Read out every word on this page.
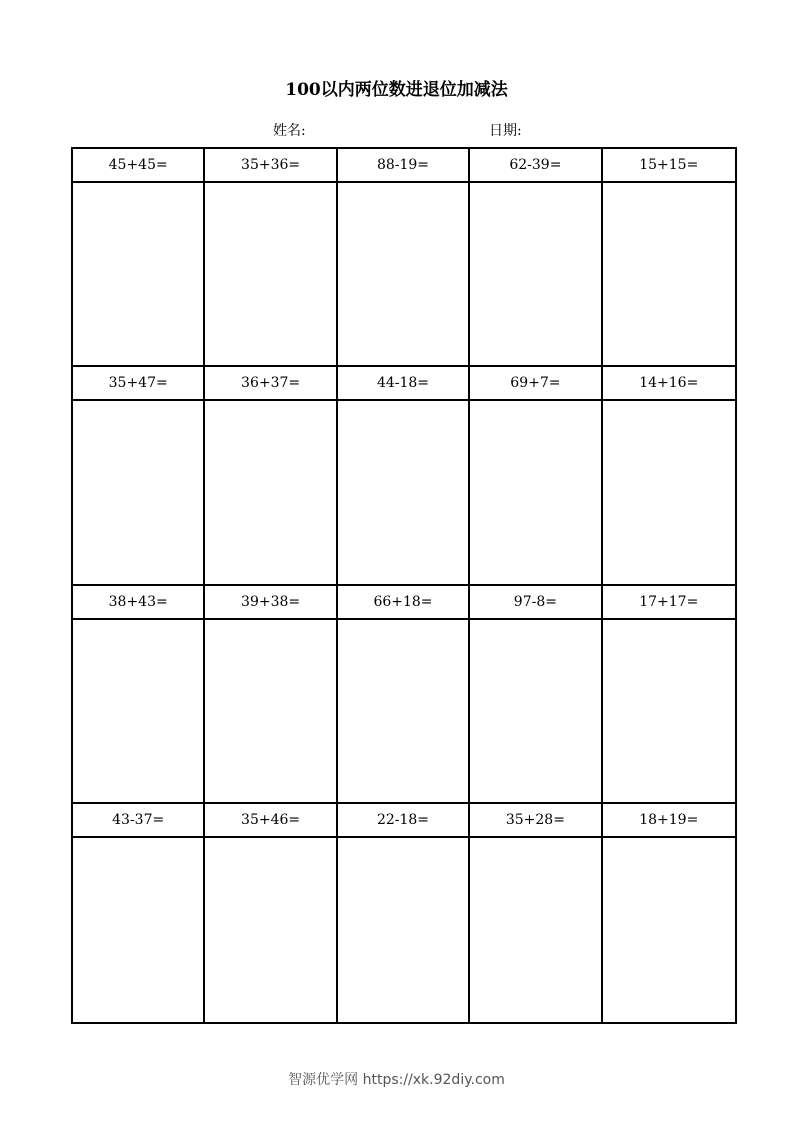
100以内两位数进退位加减法
姓名:	日期:
45+45=	35+36=	88-19=	62-39=	15+15=
35+47=	36+37=	44-18=	69+7=	14+16=
38+43=	39+38=	66+18=	97-8=	17+17=
43-37=	35+46=	22-18=	35+28=	18+19=
智源优学网 https://xk.92diy.com
